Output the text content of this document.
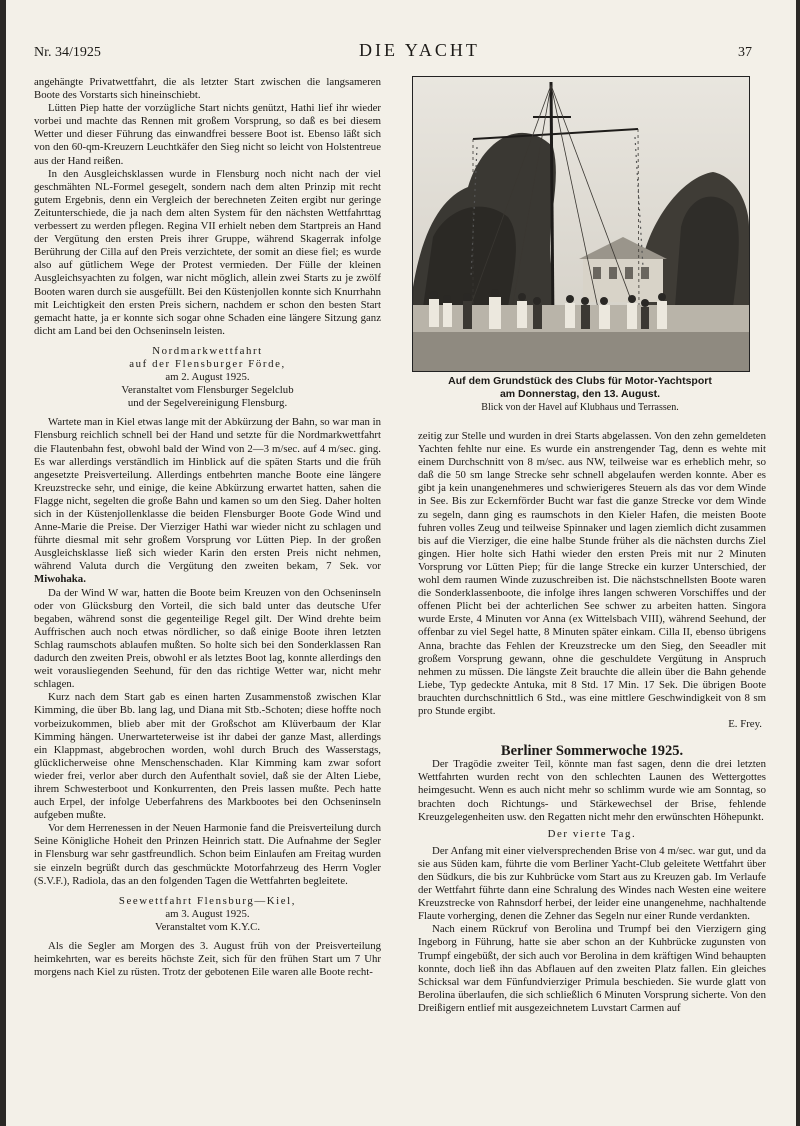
Nr. 34/1925	DIE YACHT	37

angehängte Privatwettfahrt, die als letzter Start zwischen die langsameren Boote des Vorstarts sich hineinschiebt.

Lütten Piep hatte der vorzügliche Start nichts genützt, Hathi lief ihr wieder vorbei und machte das Rennen mit großem Vorsprung, so daß es bei diesem Wetter und dieser Führung das einwandfrei bessere Boot ist. Ebenso läßt sich von den 60-qm-Kreuzern Leuchtkäfer den Sieg nicht so leicht von Holstentreue aus der Hand reißen.

In den Ausgleichsklassen wurde in Flensburg noch nicht nach der viel geschmähten NL-Formel gesegelt, sondern nach dem alten Prinzip mit recht gutem Ergebnis, denn ein Vergleich der berechneten Zeiten ergibt nur geringe Zeitunterschiede, die ja nach dem alten System für den nächsten Wettfahrttag verbessert zu werden pflegen. Regina VII erhielt neben dem Startpreis an Hand der Vergütung den ersten Preis ihrer Gruppe, während Skagerrak infolge Berührung der Cilla auf den Preis verzichtete, der somit an diese fiel; es wurde also auf gütlichem Wege der Protest vermieden. Der Fülle der kleinen Ausgleichsyachten zu folgen, war nicht möglich, allein zwei Starts zu je zwölf Booten waren durch sie ausgefüllt. Bei den Küstenjollen konnte sich Knurrhahn mit Leichtigkeit den ersten Preis sichern, nachdem er schon den besten Start gemacht hatte, ja er konnte sich sogar ohne Schaden eine längere Sitzung ganz dicht am Land bei den Ochseninseln leisten.

Nordmarkwettfahrt

auf der Flensburger Förde,

am 2. August 1925.

Veranstaltet vom Flensburger Segelclub

und der Segelvereinigung Flensburg.

Wartete man in Kiel etwas lange mit der Abkürzung der Bahn, so war man in Flensburg reichlich schnell bei der Hand und setzte für die Nordmarkwettfahrt die Flautenbahn fest, obwohl bald der Wind von 2—3 m/sec. auf 4 m/sec. ging. Es war allerdings verständlich im Hinblick auf die späten Starts und die früh angesetzte Preisverteilung. Allerdings entbehrten manche Boote eine längere Kreuzstrecke sehr, und einige, die keine Abkürzung erwartet hatten, sahen die Flagge nicht, segelten die große Bahn und kamen so um den Sieg. Daher holten sich in der Küstenjollenklasse die beiden Flensburger Boote Gode Wind und Anne-Marie die Preise. Der Vierziger Hathi war wieder nicht zu schlagen und führte diesmal mit sehr großem Vorsprung vor Lütten Piep. In der großen Ausgleichsklasse ließ sich wieder Karin den ersten Preis nicht nehmen, während Valuta durch die Vergütung den zweiten bekam, 7 Sek. vor Miwohaka.

Da der Wind W war, hatten die Boote beim Kreuzen von den Ochseninseln oder von Glücksburg den Vorteil, die sich bald unter das deutsche Ufer begaben, während sonst die gegenteilige Regel gilt. Der Wind drehte beim Auffrischen auch noch etwas nördlicher, so daß einige Boote ihren letzten Schlag raumschots ablaufen mußten. So holte sich bei den Sonderklassen Ran dadurch den zweiten Preis, obwohl er als letztes Boot lag, konnte allerdings den weit vorausliegenden Seehund, für den das richtige Wetter war, nicht mehr schlagen.

Kurz nach dem Start gab es einen harten Zusammenstoß zwischen Klar Kimming, die über Bb. lang lag, und Diana mit Stb.-Schoten; diese hoffte noch vorbeizukommen, blieb aber mit der Großschot am Klüverbaum der Klar Kimming hängen. Unerwarteterweise ist ihr dabei der ganze Mast, allerdings ein Klappmast, abgebrochen worden, wohl durch Bruch des Wasserstags, glücklicherweise ohne Menschenschaden. Klar Kimming kam zwar sofort wieder frei, verlor aber durch den Aufenthalt soviel, daß sie der Alten Liebe, ihrem Schwesterboot und Konkurrenten, den Preis lassen mußte. Pech hatte auch Erpel, der infolge Ueberfahrens des Markbootes bei den Ochseninseln aufgeben mußte.

Vor dem Herrenessen in der Neuen Harmonie fand die Preisverteilung durch Seine Königliche Hoheit den Prinzen Heinrich statt. Die Aufnahme der Segler in Flensburg war sehr gastfreundlich. Schon beim Einlaufen am Freitag wurden sie einzeln begrüßt durch das geschmückte Motorfahrzeug des Herrn Vogler (S.V.F.), Radiola, das an den folgenden Tagen die Wettfahrten begleitete.

Seewettfahrt Flensburg—Kiel,

am 3. August 1925.

Veranstaltet vom K.Y.C.

Als die Segler am Morgen des 3. August früh von der Preisverteilung heimkehrten, war es bereits höchste Zeit, sich für den frühen Start um 7 Uhr morgens nach Kiel zu rüsten. Trotz der gebotenen Eile waren alle Boote recht-

Auf dem Grundstück des Clubs für Motor-Yachtsport
am Donnerstag, den 13. August.
Blick von der Havel auf Klubhaus und Terrassen.

zeitig zur Stelle und wurden in drei Starts abgelassen. Von den zehn gemeldeten Yachten fehlte nur eine. Es wurde ein anstrengender Tag, denn es wehte mit einem Durchschnitt von 8 m/sec. aus NW, teilweise war es erheblich mehr, so daß die 50 sm lange Strecke sehr schnell abgelaufen werden konnte. Aber es gibt ja kein unangenehmeres und schwierigeres Steuern als das vor dem Winde in See. Bis zur Eckernförder Bucht war fast die ganze Strecke vor dem Winde zu segeln, dann ging es raumschots in den Kieler Hafen, die meisten Boote fuhren volles Zeug und teilweise Spinnaker und lagen ziemlich dicht zusammen bis auf die Vierziger, die eine halbe Stunde früher als die nächsten durchs Ziel gingen. Hier holte sich Hathi wieder den ersten Preis mit nur 2 Minuten Vorsprung vor Lütten Piep; für die lange Strecke ein kurzer Unterschied, der wohl dem raumen Winde zuzuschreiben ist. Die nächstschnellsten Boote waren die Sonderklassenboote, die infolge ihres langen schweren Vorschiffes und der offenen Plicht bei der achterlichen See schwer zu arbeiten hatten. Singora wurde Erste, 4 Minuten vor Anna (ex Wittelsbach VIII), während Seehund, der offenbar zu viel Segel hatte, 8 Minuten später einkam. Cilla II, ebenso übrigens Anna, brachte das Fehlen der Kreuzstrecke um den Sieg, den Seeadler mit großem Vorsprung gewann, ohne die geschuldete Vergütung in Anspruch nehmen zu müssen. Die längste Zeit brauchte die allein über die Bahn gehende Liebe, Typ gedeckte Antuka, mit 8 Std. 17 Min. 17 Sek. Die übrigen Boote brauchten durchschnittlich 6 Std., was eine mittlere Geschwindigkeit von 8 sm pro Stunde ergibt.

E. Frey.

Berliner Sommerwoche 1925.

Der Tragödie zweiter Teil, könnte man fast sagen, denn die drei letzten Wettfahrten wurden recht von den schlechten Launen des Wettergottes heimgesucht. Wenn es auch nicht mehr so schlimm wurde wie am Sonntag, so brachten doch Richtungs- und Stärkewechsel der Brise, fehlende Kreuzgelegenheiten usw. den Regatten nicht mehr den erwünschten Höhepunkt.

Der vierte Tag.

Der Anfang mit einer vielversprechenden Brise von 4 m/sec. war gut, und da sie aus Süden kam, führte die vom Berliner Yacht-Club geleitete Wettfahrt über den Südkurs, die bis zur Kuhbrücke vom Start aus zu Kreuzen gab. Im Verlaufe der Wettfahrt führte dann eine Schralung des Windes nach Westen eine weitere Kreuzstrecke von Rahnsdorf herbei, der leider eine unangenehme, nachhaltende Flaute vorherging, denen die Zehner das Segeln nur einer Runde verdankten.

Nach einem Rückruf von Berolina und Trumpf bei den Vierzigern ging Ingeborg in Führung, hatte sie aber schon an der Kuhbrücke zugunsten von Trumpf eingebüßt, der sich auch vor Berolina in dem kräftigen Wind behaupten konnte, doch ließ ihn das Abflauen auf den zweiten Platz fallen. Ein gleiches Schicksal war dem Fünfundvierziger Primula beschieden. Sie wurde glatt von Berolina überlaufen, die sich schließlich 6 Minuten Vorsprung sicherte. Von den Dreißigern entlief mit ausgezeichnetem Luvstart Carmen auf
